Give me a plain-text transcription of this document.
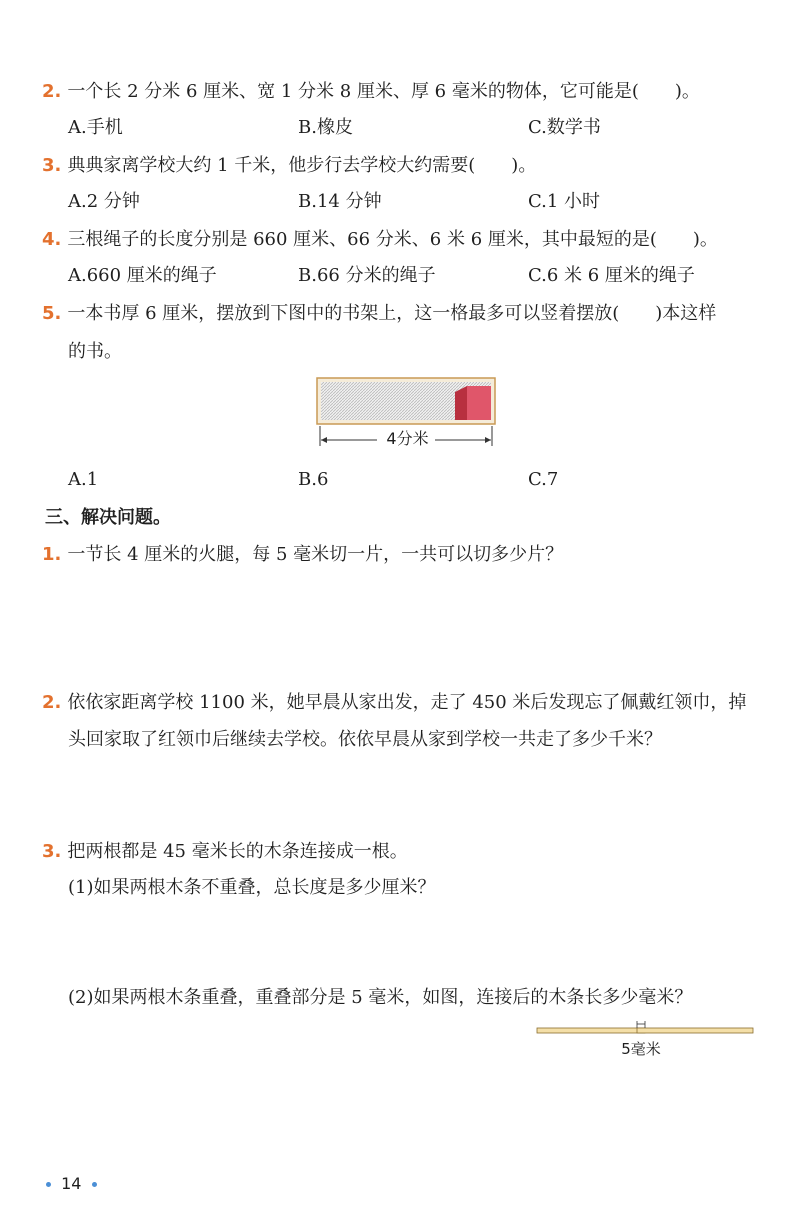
2. 一个长 2 分米 6 厘米、宽 1 分米 8 厘米、厚 6 毫米的物体，它可能是(　　)。
A.手机	B.橡皮	C.数学书
3. 典典家离学校大约 1 千米，他步行去学校大约需要(　　)。
A.2 分钟	B.14 分钟	C.1 小时
4. 三根绳子的长度分别是 660 厘米、66 分米、6 米 6 厘米，其中最短的是(　　)。
A.660 厘米的绳子	B.66 分米的绳子	C.6 米 6 厘米的绳子
5. 一本书厚 6 厘米，摆放到下图中的书架上，这一格最多可以竖着摆放(　　)本这样
的书。
4分米
A.1	B.6	C.7
三、解决问题。
1. 一节长 4 厘米的火腿，每 5 毫米切一片，一共可以切多少片？
2. 依依家距离学校 1100 米，她早晨从家出发，走了 450 米后发现忘了佩戴红领巾，掉
头回家取了红领巾后继续去学校。依依早晨从家到学校一共走了多少千米？
3. 把两根都是 45 毫米长的木条连接成一根。
(1)如果两根木条不重叠，总长度是多少厘米？
(2)如果两根木条重叠，重叠部分是 5 毫米，如图，连接后的木条长多少毫米？
5毫米
14
